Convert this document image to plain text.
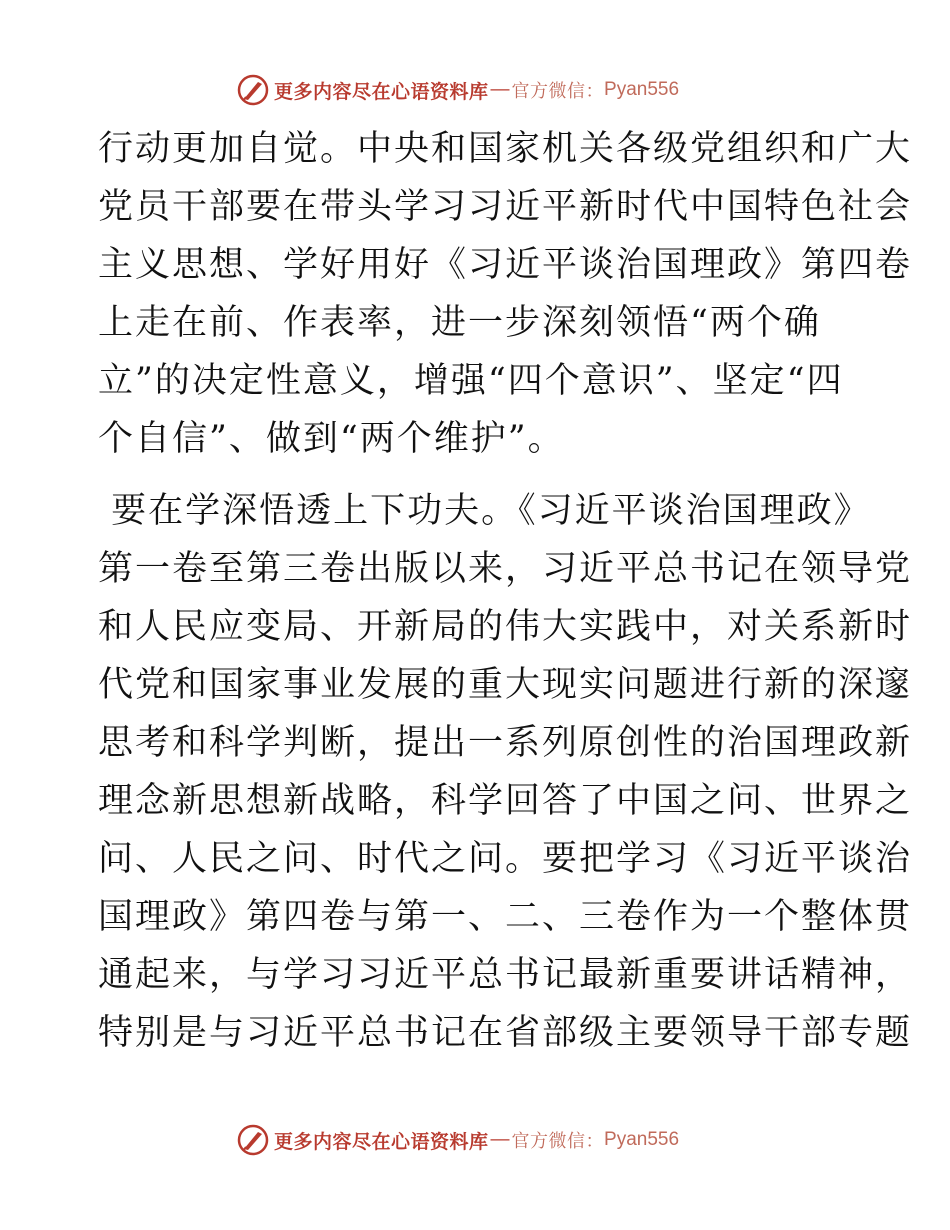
更多内容尽在心语资料库 — 官方微信： Pyan556
行动更加自觉。中央和国家机关各级党组织和广大
党员干部要在带头学习习近平新时代中国特色社会
主义思想、学好用好《习近平谈治国理政》第四卷
上走在前、作表率，进一步深刻领悟“两个确
立”的决定性意义，增强“四个意识”、坚定“四
个自信”、做到“两个维护”。
要在学深悟透上下功夫。《习近平谈治国理政》
第一卷至第三卷出版以来，习近平总书记在领导党
和人民应变局、开新局的伟大实践中，对关系新时
代党和国家事业发展的重大现实问题进行新的深邃
思考和科学判断，提出一系列原创性的治国理政新
理念新思想新战略，科学回答了中国之问、世界之
问、人民之问、时代之问。要把学习《习近平谈治
国理政》第四卷与第一、二、三卷作为一个整体贯
通起来，与学习习近平总书记最新重要讲话精神，
特别是与习近平总书记在省部级主要领导干部专题
更多内容尽在心语资料库 — 官方微信： Pyan556
